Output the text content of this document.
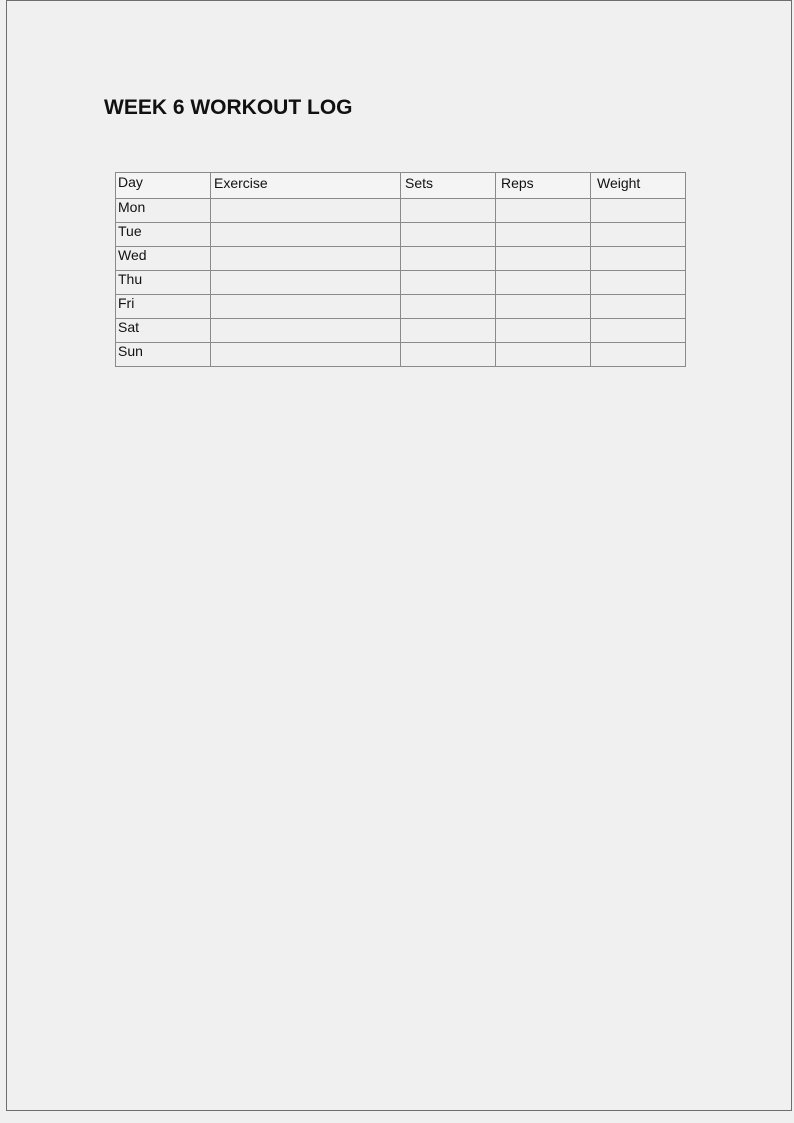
WEEK 6 WORKOUT LOG
Day	Exercise	Sets	Reps	Weight
Mon				
Tue				
Wed				
Thu				
Fri				
Sat				
Sun				
